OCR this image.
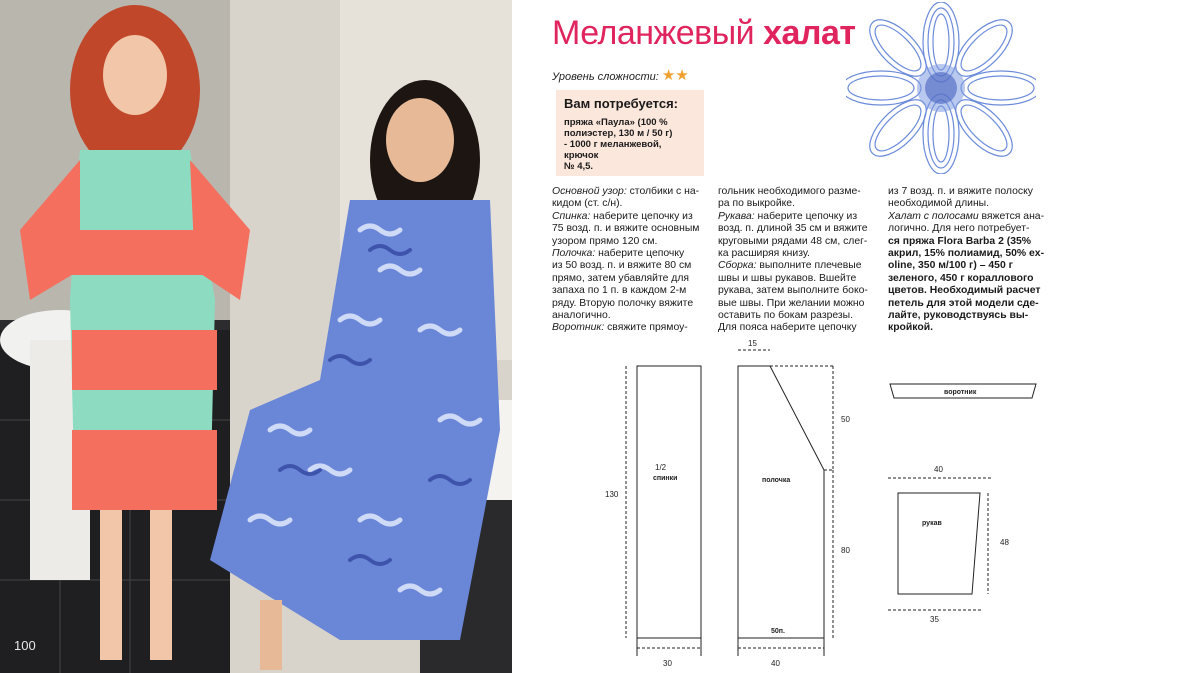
100
Меланжевый халат
Уровень сложности: ★★
Вам потребуется:
пряжа «Паула» (100 %
полиэстер, 130 м / 50 г)
- 1000 г меланжевой, крючок
№ 4,5.

Основной узор: столбики с на-

кидом (ст. с/н).

Спинка: наберите цепочку из

75 возд. п. и вяжите основным

узором прямо 120 см.

Полочка: наберите цепочку

из 50 возд. п. и вяжите 80 см

прямо, затем убавляйте для

запаха по 1 п. в каждом 2-м

ряду. Вторую полочку вяжите

аналогично.

Воротник: свяжите прямоу-

гольник необходимого разме-

ра по выкройке.

Рукава: наберите цепочку из

возд. п. длиной 35 см и вяжите

круговыми рядами 48 см, слег-

ка расширяя книзу.

Сборка: выполните плечевые

швы и швы рукавов. Вшейте

рукава, затем выполните боко-

вые швы. При желании можно

оставить по бокам разрезы.

Для пояса наберите цепочку

из 7 возд. п. и вяжите полоску

необходимой длины.

Халат с полосами вяжется ана-

логично. Для него потребует-

ся пряжа Flora Barba 2 (35%

акрил, 15% полиамид, 50% ex-

oline, 350 м/100 г) – 450 г

зеленого, 450 г кораллового

цветов. Необходимый расчет

петель для этой модели сде-

лайте, руководствуясь вы-

кройкой.

1/2
спинки
130
30
полочка
15
50
80
40
50п.
воротник
рукав
40
48
35
